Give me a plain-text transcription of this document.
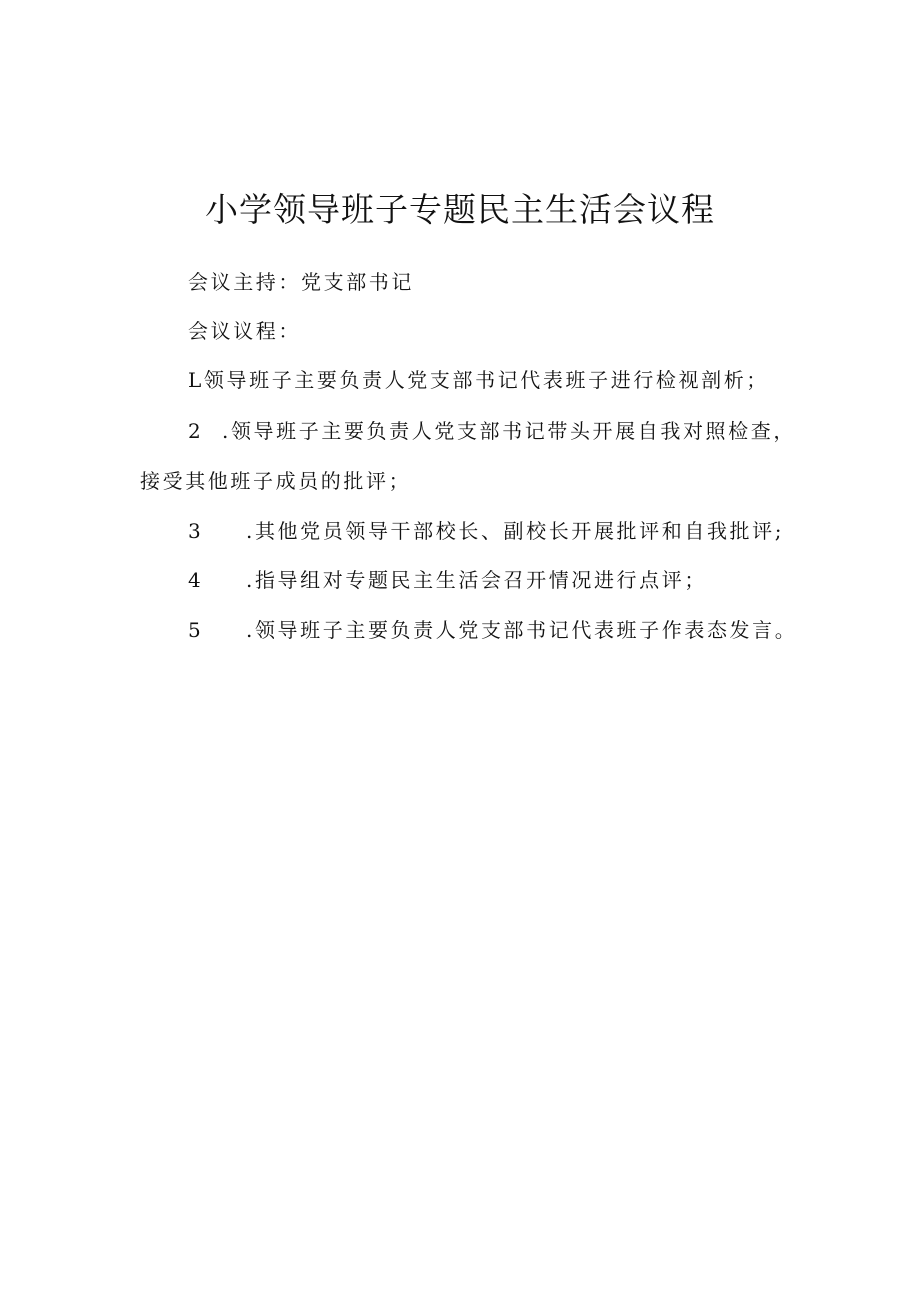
小学领导班子专题民主生活会议程
会议主持：党支部书记
会议议程：
L领导班子主要负责人党支部书记代表班子进行检视剖析；
2 .领导班子主要负责人党支部书记带头开展自我对照检查，
接受其他班子成员的批评；
3 .其他党员领导干部校长、副校长开展批评和自我批评;
4 .指导组对专题民主生活会召开情况进行点评；
5 .领导班子主要负责人党支部书记代表班子作表态发言。
